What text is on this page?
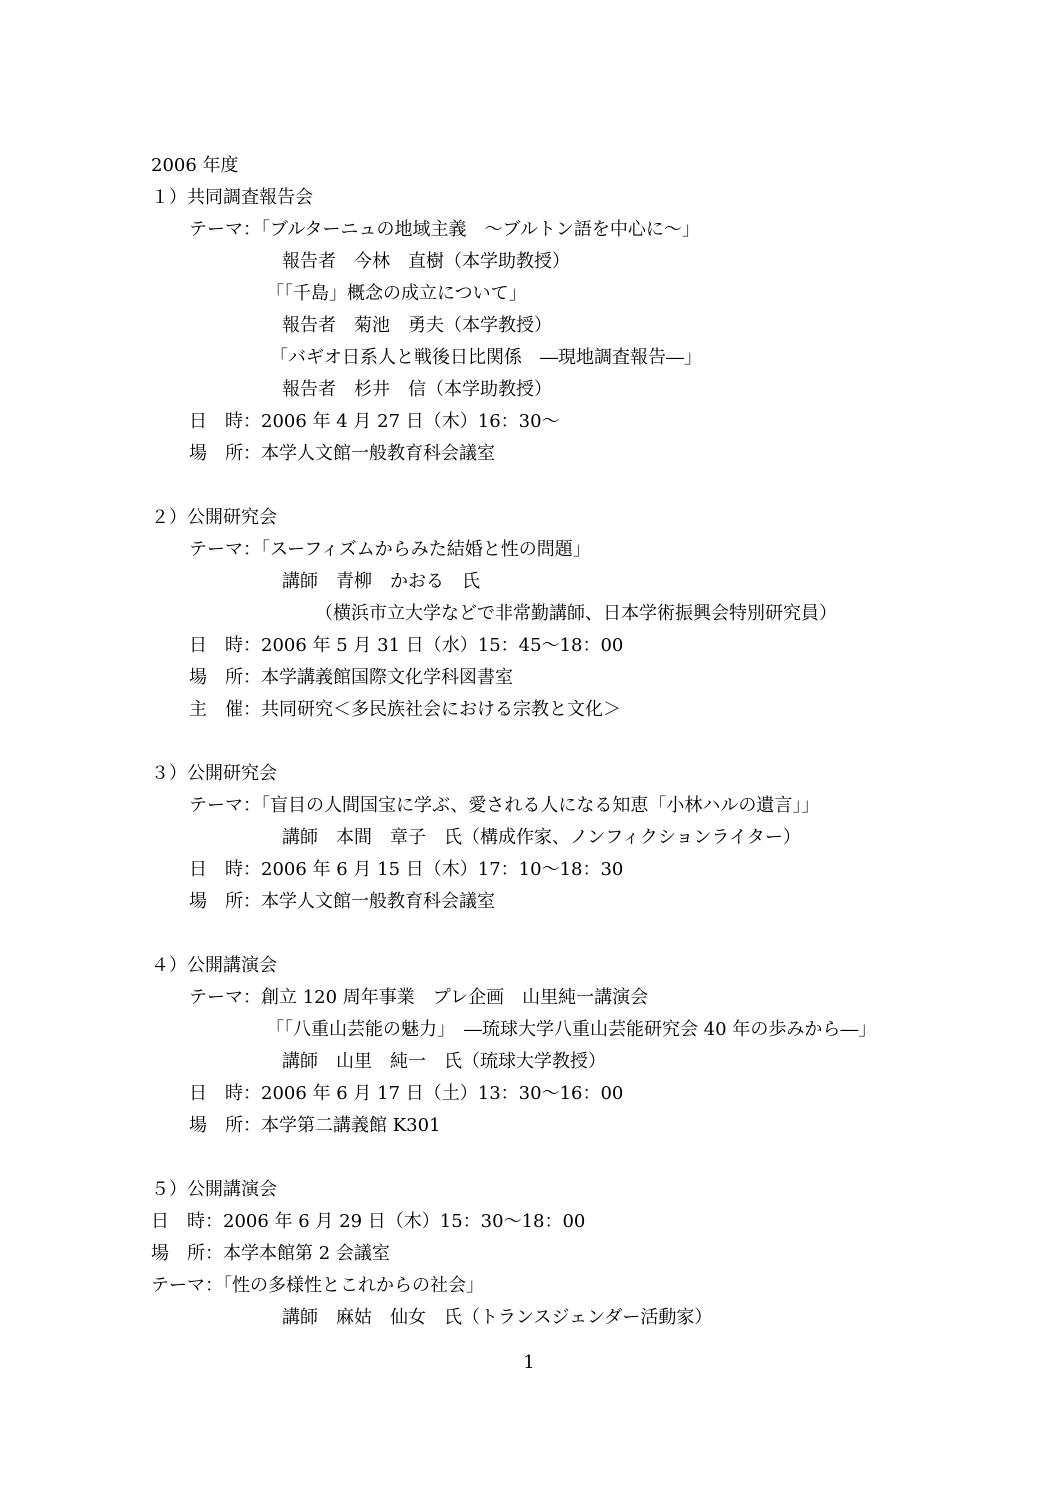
2006 年度

１）共同調査報告会

テーマ：「ブルターニュの地域主義　～ブルトン語を中心に～」

報告者　今林　直樹（本学助教授）

「「千島」概念の成立について」

報告者　菊池　勇夫（本学教授）

「バギオ日系人と戦後日比関係　―現地調査報告―」

報告者　杉井　信（本学助教授）

日　時：2006 年 4 月 27 日（木）16：30～

場　所：本学人文館一般教育科会議室

２）公開研究会

テーマ：「スーフィズムからみた結婚と性の問題」

講師　青柳　かおる　氏

（横浜市立大学などで非常勤講師、日本学術振興会特別研究員）

日　時：2006 年 5 月 31 日（水）15：45～18：00

場　所：本学講義館国際文化学科図書室

主　催：共同研究＜多民族社会における宗教と文化＞

３）公開研究会

テーマ：「盲目の人間国宝に学ぶ、愛される人になる知恵「小林ハルの遺言」」

講師　本間　章子　氏（構成作家、ノンフィクションライター）

日　時：2006 年 6 月 15 日（木）17：10～18：30

場　所：本学人文館一般教育科会議室

４）公開講演会

テーマ：創立 120 周年事業　プレ企画　山里純一講演会

「「八重山芸能の魅力」　―琉球大学八重山芸能研究会 40 年の歩みから―」

講師　山里　純一　氏（琉球大学教授）

日　時：2006 年 6 月 17 日（土）13：30～16：00

場　所：本学第二講義館 K301

５）公開講演会

日　時：2006 年 6 月 29 日（木）15：30～18：00

場　所：本学本館第 2 会議室

テーマ：「性の多様性とこれからの社会」

講師　麻姑　仙女　氏（トランスジェンダー活動家）

1
